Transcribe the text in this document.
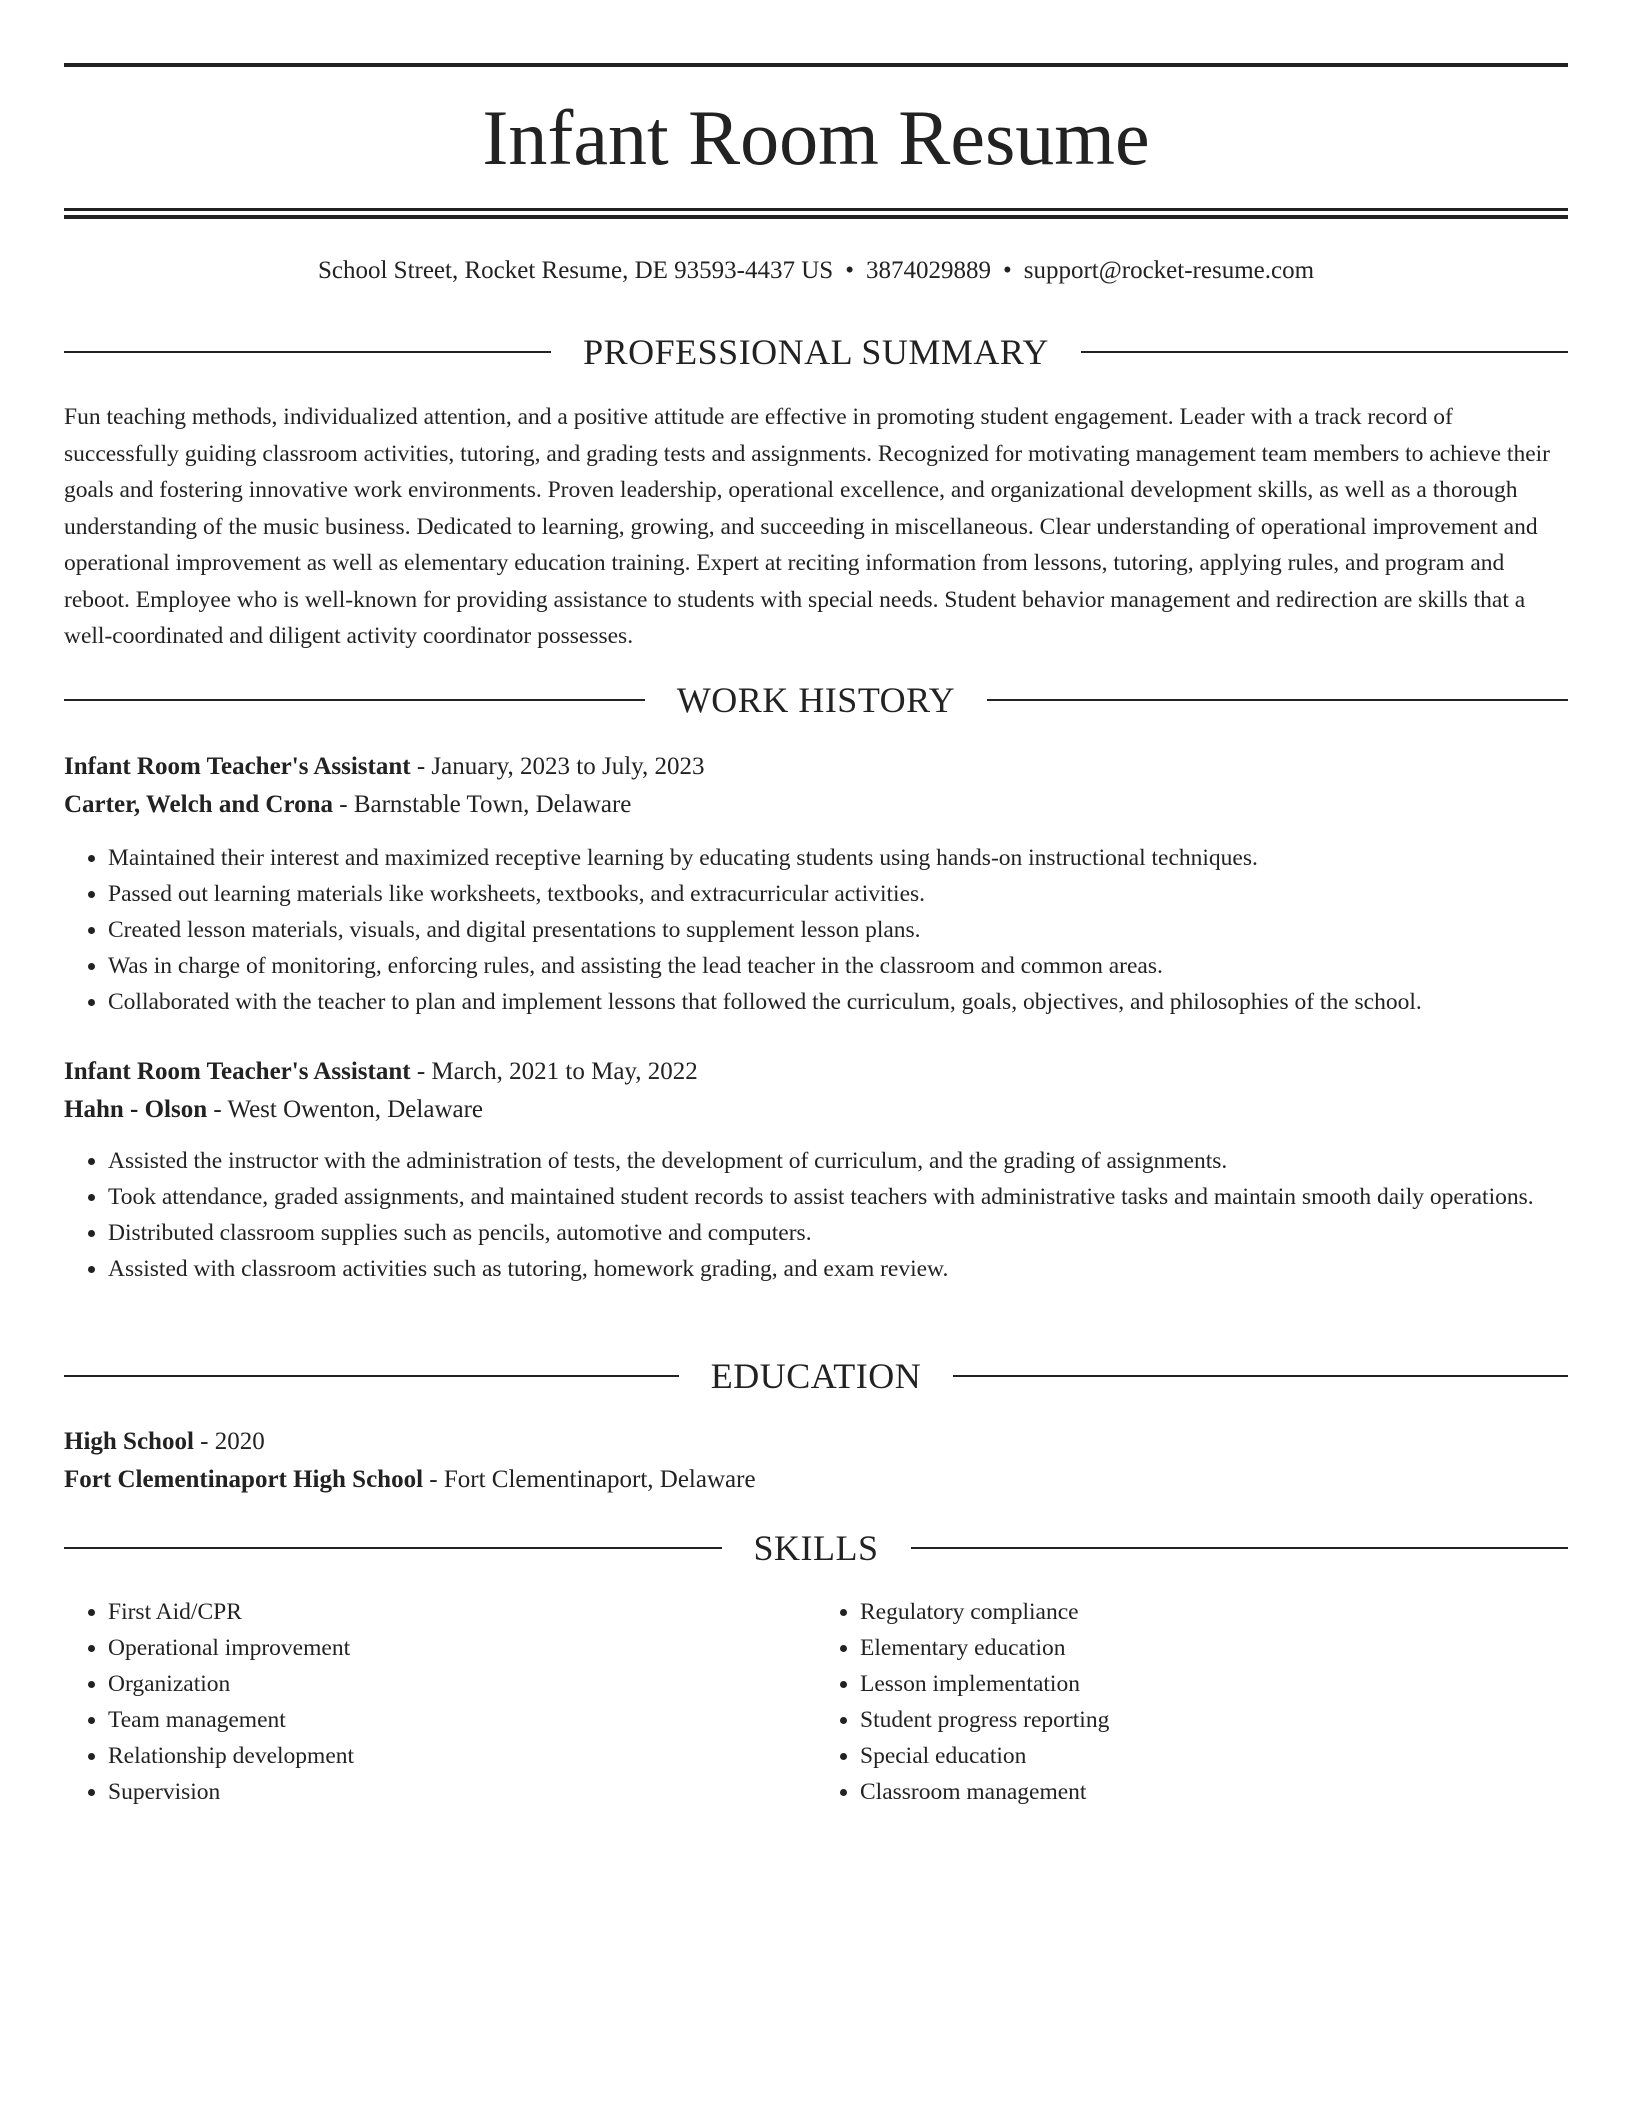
Infant Room Resume
School Street, Rocket Resume, DE 93593-4437 US • 3874029889 • support@rocket-resume.com
PROFESSIONAL SUMMARY

Fun teaching methods, individualized attention, and a positive attitude are effective in promoting student engagement. Leader with a track record of successfully guiding classroom activities, tutoring, and grading tests and assignments. Recognized for motivating management team members to achieve their goals and fostering innovative work environments. Proven leadership, operational excellence, and organizational development skills, as well as a thorough understanding of the music business. Dedicated to learning, growing, and succeeding in miscellaneous. Clear understanding of operational improvement and operational improvement as well as elementary education training. Expert at reciting information from lessons, tutoring, applying rules, and program and reboot. Employee who is well-known for providing assistance to students with special needs. Student behavior management and redirection are skills that a well-coordinated and diligent activity coordinator possesses.

WORK HISTORY
Infant Room Teacher's Assistant - January, 2023 to July, 2023
Carter, Welch and Crona - Barnstable Town, Delaware
• Maintained their interest and maximized receptive learning by educating students using hands-on instructional techniques.
• Passed out learning materials like worksheets, textbooks, and extracurricular activities.
• Created lesson materials, visuals, and digital presentations to supplement lesson plans.
• Was in charge of monitoring, enforcing rules, and assisting the lead teacher in the classroom and common areas.
• Collaborated with the teacher to plan and implement lessons that followed the curriculum, goals, objectives, and philosophies of the school.
Infant Room Teacher's Assistant - March, 2021 to May, 2022
Hahn - Olson - West Owenton, Delaware
• Assisted the instructor with the administration of tests, the development of curriculum, and the grading of assignments.
• Took attendance, graded assignments, and maintained student records to assist teachers with administrative tasks and maintain smooth daily operations.
• Distributed classroom supplies such as pencils, automotive and computers.
• Assisted with classroom activities such as tutoring, homework grading, and exam review.
EDUCATION
High School - 2020
Fort Clementinaport High School - Fort Clementinaport, Delaware
SKILLS
• First Aid/CPR
• Operational improvement
• Organization
• Team management
• Relationship development
• Supervision
• Regulatory compliance
• Elementary education
• Lesson implementation
• Student progress reporting
• Special education
• Classroom management
